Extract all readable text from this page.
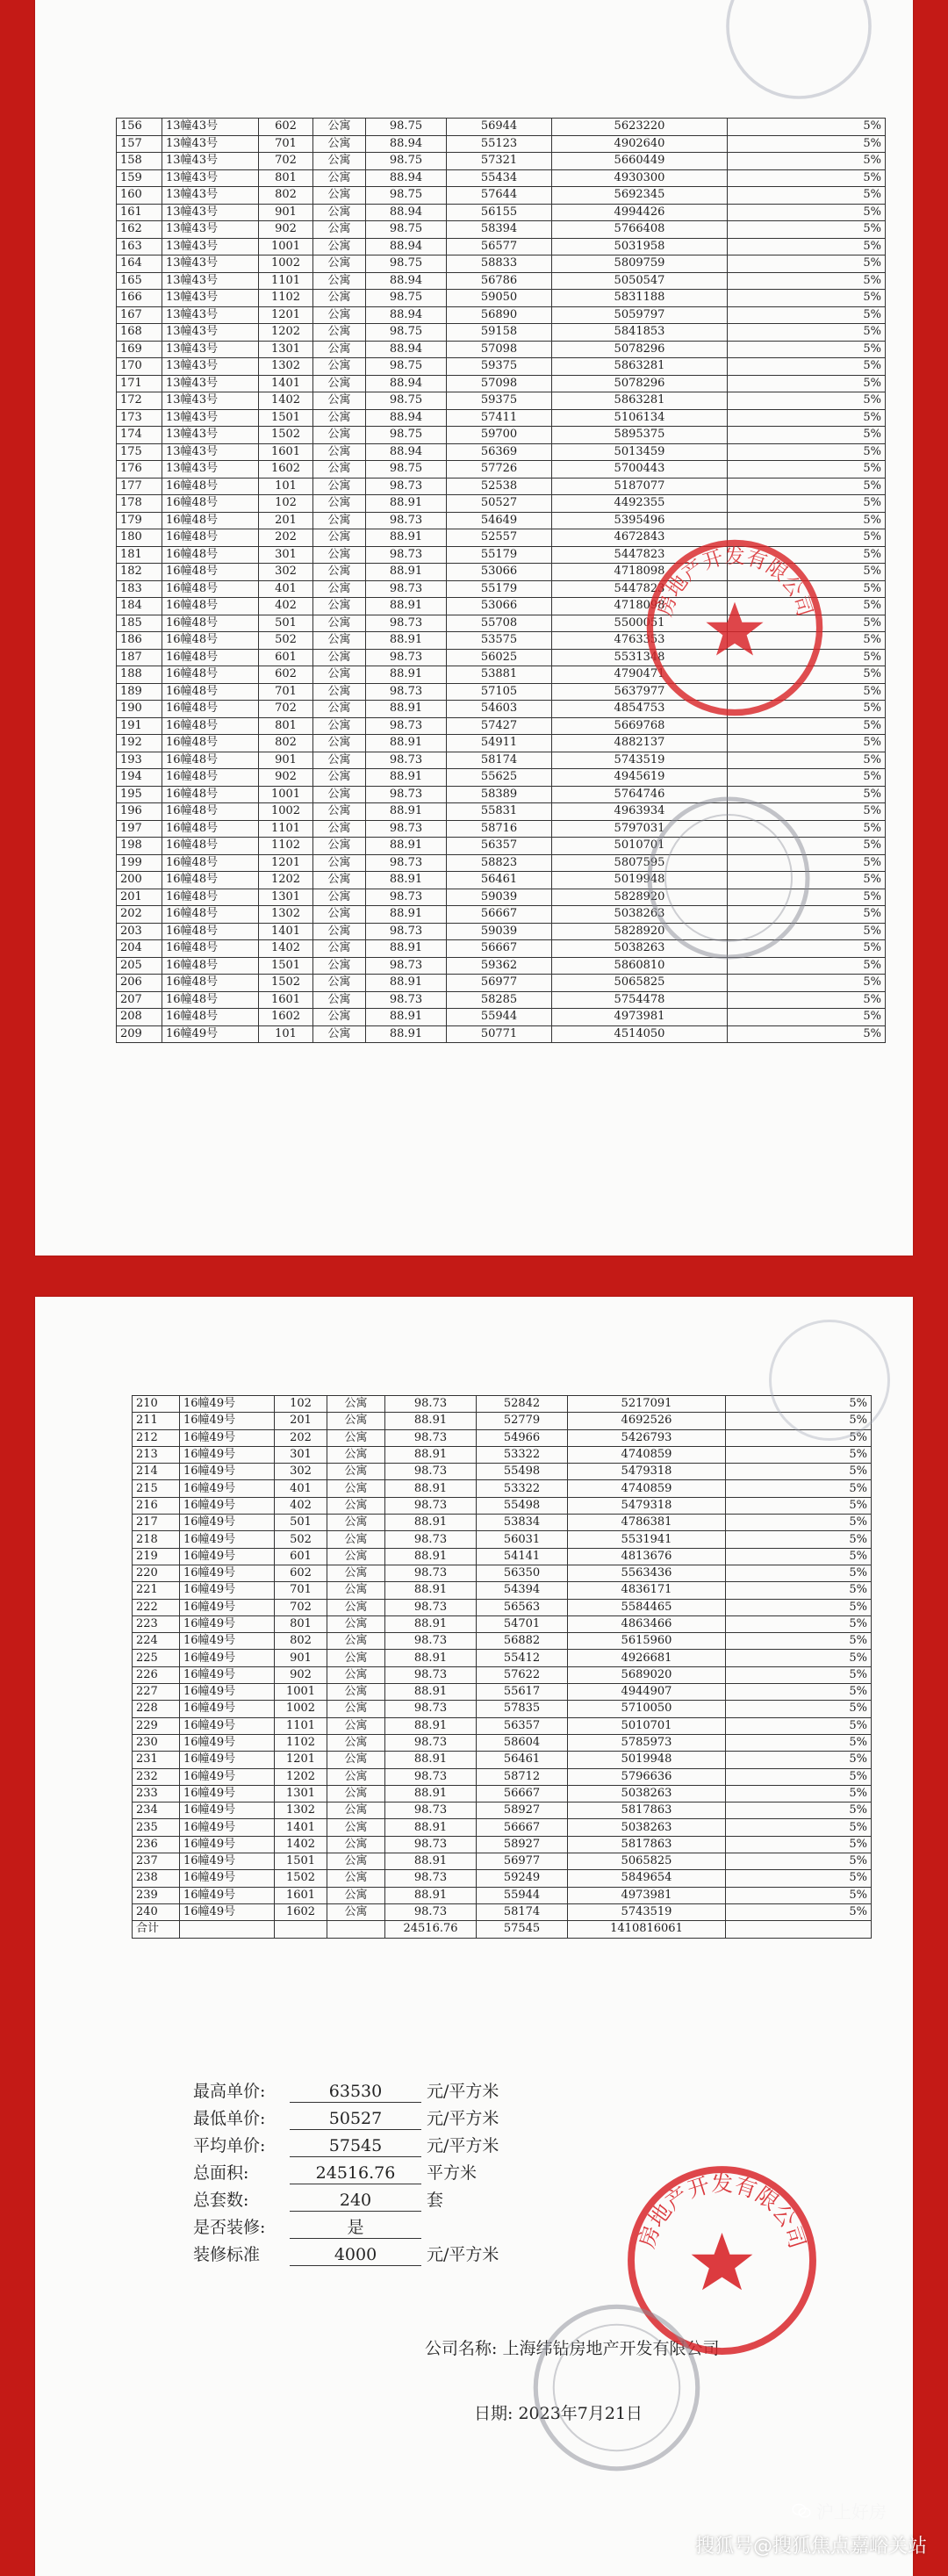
156	13幢43号	602	公寓	98.75	56944	5623220	5%
157	13幢43号	701	公寓	88.94	55123	4902640	5%
158	13幢43号	702	公寓	98.75	57321	5660449	5%
159	13幢43号	801	公寓	88.94	55434	4930300	5%
160	13幢43号	802	公寓	98.75	57644	5692345	5%
161	13幢43号	901	公寓	88.94	56155	4994426	5%
162	13幢43号	902	公寓	98.75	58394	5766408	5%
163	13幢43号	1001	公寓	88.94	56577	5031958	5%
164	13幢43号	1002	公寓	98.75	58833	5809759	5%
165	13幢43号	1101	公寓	88.94	56786	5050547	5%
166	13幢43号	1102	公寓	98.75	59050	5831188	5%
167	13幢43号	1201	公寓	88.94	56890	5059797	5%
168	13幢43号	1202	公寓	98.75	59158	5841853	5%
169	13幢43号	1301	公寓	88.94	57098	5078296	5%
170	13幢43号	1302	公寓	98.75	59375	5863281	5%
171	13幢43号	1401	公寓	88.94	57098	5078296	5%
172	13幢43号	1402	公寓	98.75	59375	5863281	5%
173	13幢43号	1501	公寓	88.94	57411	5106134	5%
174	13幢43号	1502	公寓	98.75	59700	5895375	5%
175	13幢43号	1601	公寓	88.94	56369	5013459	5%
176	13幢43号	1602	公寓	98.75	57726	5700443	5%
177	16幢48号	101	公寓	98.73	52538	5187077	5%
178	16幢48号	102	公寓	88.91	50527	4492355	5%
179	16幢48号	201	公寓	98.73	54649	5395496	5%
180	16幢48号	202	公寓	88.91	52557	4672843	5%
181	16幢48号	301	公寓	98.73	55179	5447823	5%
182	16幢48号	302	公寓	88.91	53066	4718098	5%
183	16幢48号	401	公寓	98.73	55179	5447823	5%
184	16幢48号	402	公寓	88.91	53066	4718098	5%
185	16幢48号	501	公寓	98.73	55708	5500051	5%
186	16幢48号	502	公寓	88.91	53575	4763353	5%
187	16幢48号	601	公寓	98.73	56025	5531348	5%
188	16幢48号	602	公寓	88.91	53881	4790471	5%
189	16幢48号	701	公寓	98.73	57105	5637977	5%
190	16幢48号	702	公寓	88.91	54603	4854753	5%
191	16幢48号	801	公寓	98.73	57427	5669768	5%
192	16幢48号	802	公寓	88.91	54911	4882137	5%
193	16幢48号	901	公寓	98.73	58174	5743519	5%
194	16幢48号	902	公寓	88.91	55625	4945619	5%
195	16幢48号	1001	公寓	98.73	58389	5764746	5%
196	16幢48号	1002	公寓	88.91	55831	4963934	5%
197	16幢48号	1101	公寓	98.73	58716	5797031	5%
198	16幢48号	1102	公寓	88.91	56357	5010701	5%
199	16幢48号	1201	公寓	98.73	58823	5807595	5%
200	16幢48号	1202	公寓	88.91	56461	5019948	5%
201	16幢48号	1301	公寓	98.73	59039	5828920	5%
202	16幢48号	1302	公寓	88.91	56667	5038263	5%
203	16幢48号	1401	公寓	98.73	59039	5828920	5%
204	16幢48号	1402	公寓	88.91	56667	5038263	5%
205	16幢48号	1501	公寓	98.73	59362	5860810	5%
206	16幢48号	1502	公寓	88.91	56977	5065825	5%
207	16幢48号	1601	公寓	98.73	58285	5754478	5%
208	16幢48号	1602	公寓	88.91	55944	4973981	5%
209	16幢49号	101	公寓	88.91	50771	4514050	5%
房地产开发有限公司
210	16幢49号	102	公寓	98.73	52842	5217091	5%
211	16幢49号	201	公寓	88.91	52779	4692526	5%
212	16幢49号	202	公寓	98.73	54966	5426793	5%
213	16幢49号	301	公寓	88.91	53322	4740859	5%
214	16幢49号	302	公寓	98.73	55498	5479318	5%
215	16幢49号	401	公寓	88.91	53322	4740859	5%
216	16幢49号	402	公寓	98.73	55498	5479318	5%
217	16幢49号	501	公寓	88.91	53834	4786381	5%
218	16幢49号	502	公寓	98.73	56031	5531941	5%
219	16幢49号	601	公寓	88.91	54141	4813676	5%
220	16幢49号	602	公寓	98.73	56350	5563436	5%
221	16幢49号	701	公寓	88.91	54394	4836171	5%
222	16幢49号	702	公寓	98.73	56563	5584465	5%
223	16幢49号	801	公寓	88.91	54701	4863466	5%
224	16幢49号	802	公寓	98.73	56882	5615960	5%
225	16幢49号	901	公寓	88.91	55412	4926681	5%
226	16幢49号	902	公寓	98.73	57622	5689020	5%
227	16幢49号	1001	公寓	88.91	55617	4944907	5%
228	16幢49号	1002	公寓	98.73	57835	5710050	5%
229	16幢49号	1101	公寓	88.91	56357	5010701	5%
230	16幢49号	1102	公寓	98.73	58604	5785973	5%
231	16幢49号	1201	公寓	88.91	56461	5019948	5%
232	16幢49号	1202	公寓	98.73	58712	5796636	5%
233	16幢49号	1301	公寓	88.91	56667	5038263	5%
234	16幢49号	1302	公寓	98.73	58927	5817863	5%
235	16幢49号	1401	公寓	88.91	56667	5038263	5%
236	16幢49号	1402	公寓	98.73	58927	5817863	5%
237	16幢49号	1501	公寓	88.91	56977	5065825	5%
238	16幢49号	1502	公寓	98.73	59249	5849654	5%
239	16幢49号	1601	公寓	88.91	55944	4973981	5%
240	16幢49号	1602	公寓	98.73	58174	5743519	5%
合计				24516.76	57545	1410816061	
最高单价:	63530	元/平方米
最低单价:	50527	元/平方米
平均单价:	57545	元/平方米
总面积:	24516.76 平方米
总套数:	240	套
是否装修:	是
装修标准	4000	元/平方米
公司名称: 上海纬钻房地产开发有限公司
日期: 2023年7月21日
房地产开发有限公司
沪上好房
搜狐号@搜狐焦点嘉峪关站
